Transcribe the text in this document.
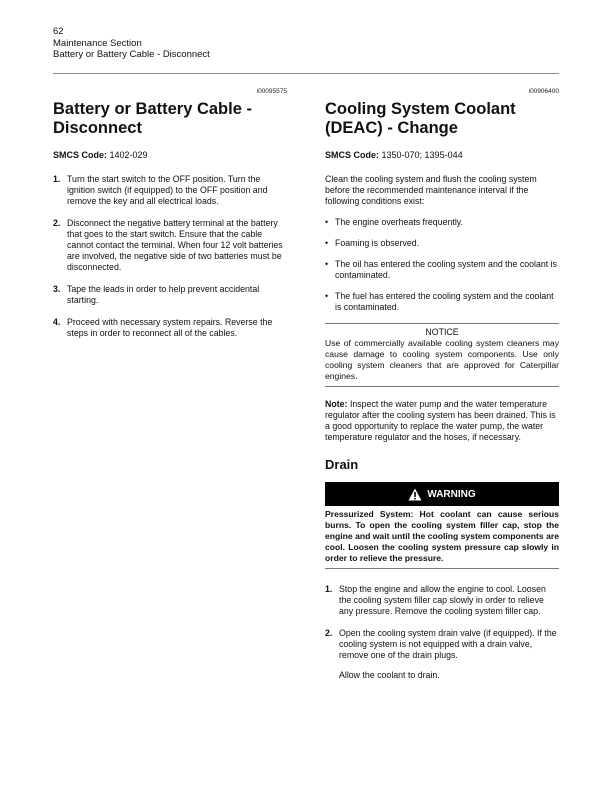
62
Maintenance Section
Battery or Battery Cable - Disconnect
i00095575
Battery or Battery Cable -
Disconnect
SMCS Code: 1402-029
1. Turn the start switch to the OFF position. Turn the ignition switch (if equipped) to the OFF position and remove the key and all electrical loads.
2. Disconnect the negative battery terminal at the battery that goes to the start switch. Ensure that the cable cannot contact the terminal. When four 12 volt batteries are involved, the negative side of two batteries must be disconnected.
3. Tape the leads in order to help prevent accidental starting.
4. Proceed with necessary system repairs. Reverse the steps in order to reconnect all of the cables.
i00906400
Cooling System Coolant
(DEAC) - Change
SMCS Code: 1350-070; 1395-044

Clean the cooling system and flush the cooling system before the recommended maintenance interval if the following conditions exist:

• The engine overheats frequently.
• Foaming is observed.
• The oil has entered the cooling system and the coolant is contaminated.
• The fuel has entered the cooling system and the coolant is contaminated.
NOTICE
Use of commercially available cooling system cleaners may cause damage to cooling system components. Use only cooling system cleaners that are approved for Caterpillar engines.

Note: Inspect the water pump and the water temperature regulator after the cooling system has been drained. This is a good opportunity to replace the water pump, the water temperature regulator and the hoses, if necessary.

Drain
WARNING
Pressurized System: Hot coolant can cause serious burns. To open the cooling system filler cap, stop the engine and wait until the cooling system components are cool. Loosen the cooling system pressure cap slowly in order to relieve the pressure.
1. Stop the engine and allow the engine to cool. Loosen the cooling system filler cap slowly in order to relieve any pressure. Remove the cooling system filler cap.
2. Open the cooling system drain valve (if equipped). If the cooling system is not equipped with a drain valve, remove one of the drain plugs.
Allow the coolant to drain.
